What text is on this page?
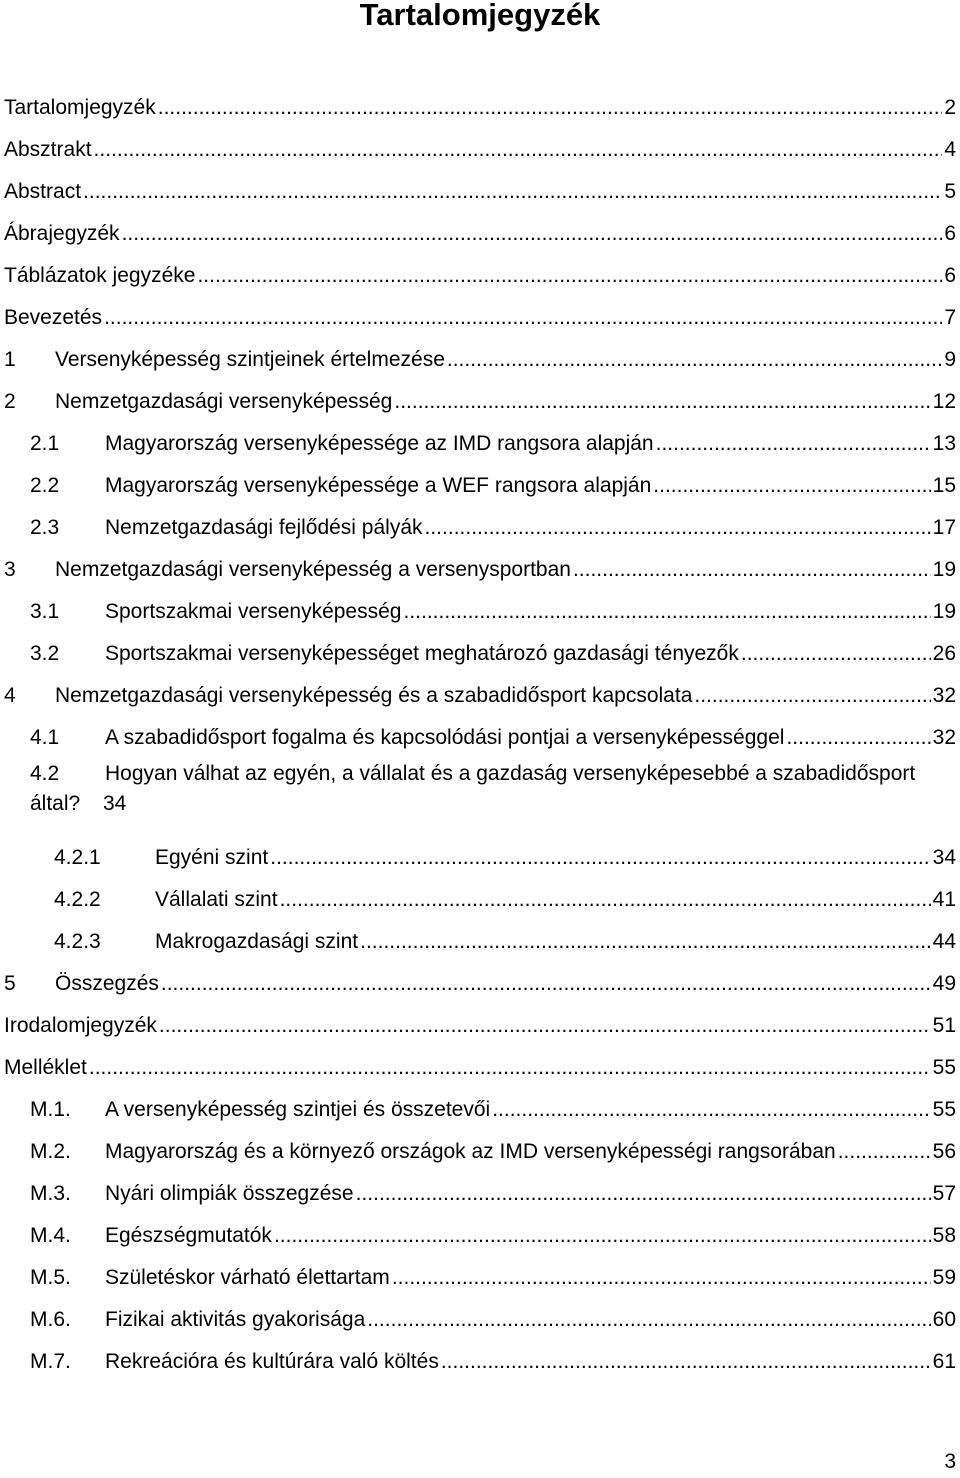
Tartalomjegyzék
Tartalomjegyzék .....	2
Absztrakt .....	4
Abstract .....	5
Ábrajegyzék .....	6
Táblázatok jegyzéke .....	6
Bevezetés .....	7
1	Versenyképesség szintjeinek értelmezése .....	9
2	Nemzetgazdasági versenyképesség .....	12
2.1	Magyarország versenyképessége az IMD rangsora alapján .....	13
2.2	Magyarország versenyképessége a WEF rangsora alapján .....	15
2.3	Nemzetgazdasági fejlődési pályák .....	17
3	Nemzetgazdasági versenyképesség a versenysportban .....	19
3.1	Sportszakmai versenyképesség .....	19
3.2	Sportszakmai versenyképességet meghatározó gazdasági tényezők .....	26
4	Nemzetgazdasági versenyképesség és a szabadidősport kapcsolata .....	32
4.1	A szabadidősport fogalma és kapcsolódási pontjai a versenyképességgel .....	32
4.2 Hogyan válhat az egyén, a vállalat és a gazdaság versenyképesebbé a szabadidősport
által? 34
4.2.1	Egyéni szint .....	34
4.2.2	Vállalati szint .....	41
4.2.3	Makrogazdasági szint .....	44
5	Összegzés .....	49
Irodalomjegyzék .....	51
Melléklet .....	55
M.1.	A versenyképesség szintjei és összetevői .....	55
M.2.	Magyarország és a környező országok az IMD versenyképességi rangsorában .....	56
M.3.	Nyári olimpiák összegzése .....	57
M.4.	Egészségmutatók .....	58
M.5.	Születéskor várható élettartam .....	59
M.6.	Fizikai aktivitás gyakorisága .....	60
M.7.	Rekreációra és kultúrára való költés .....	61
3
